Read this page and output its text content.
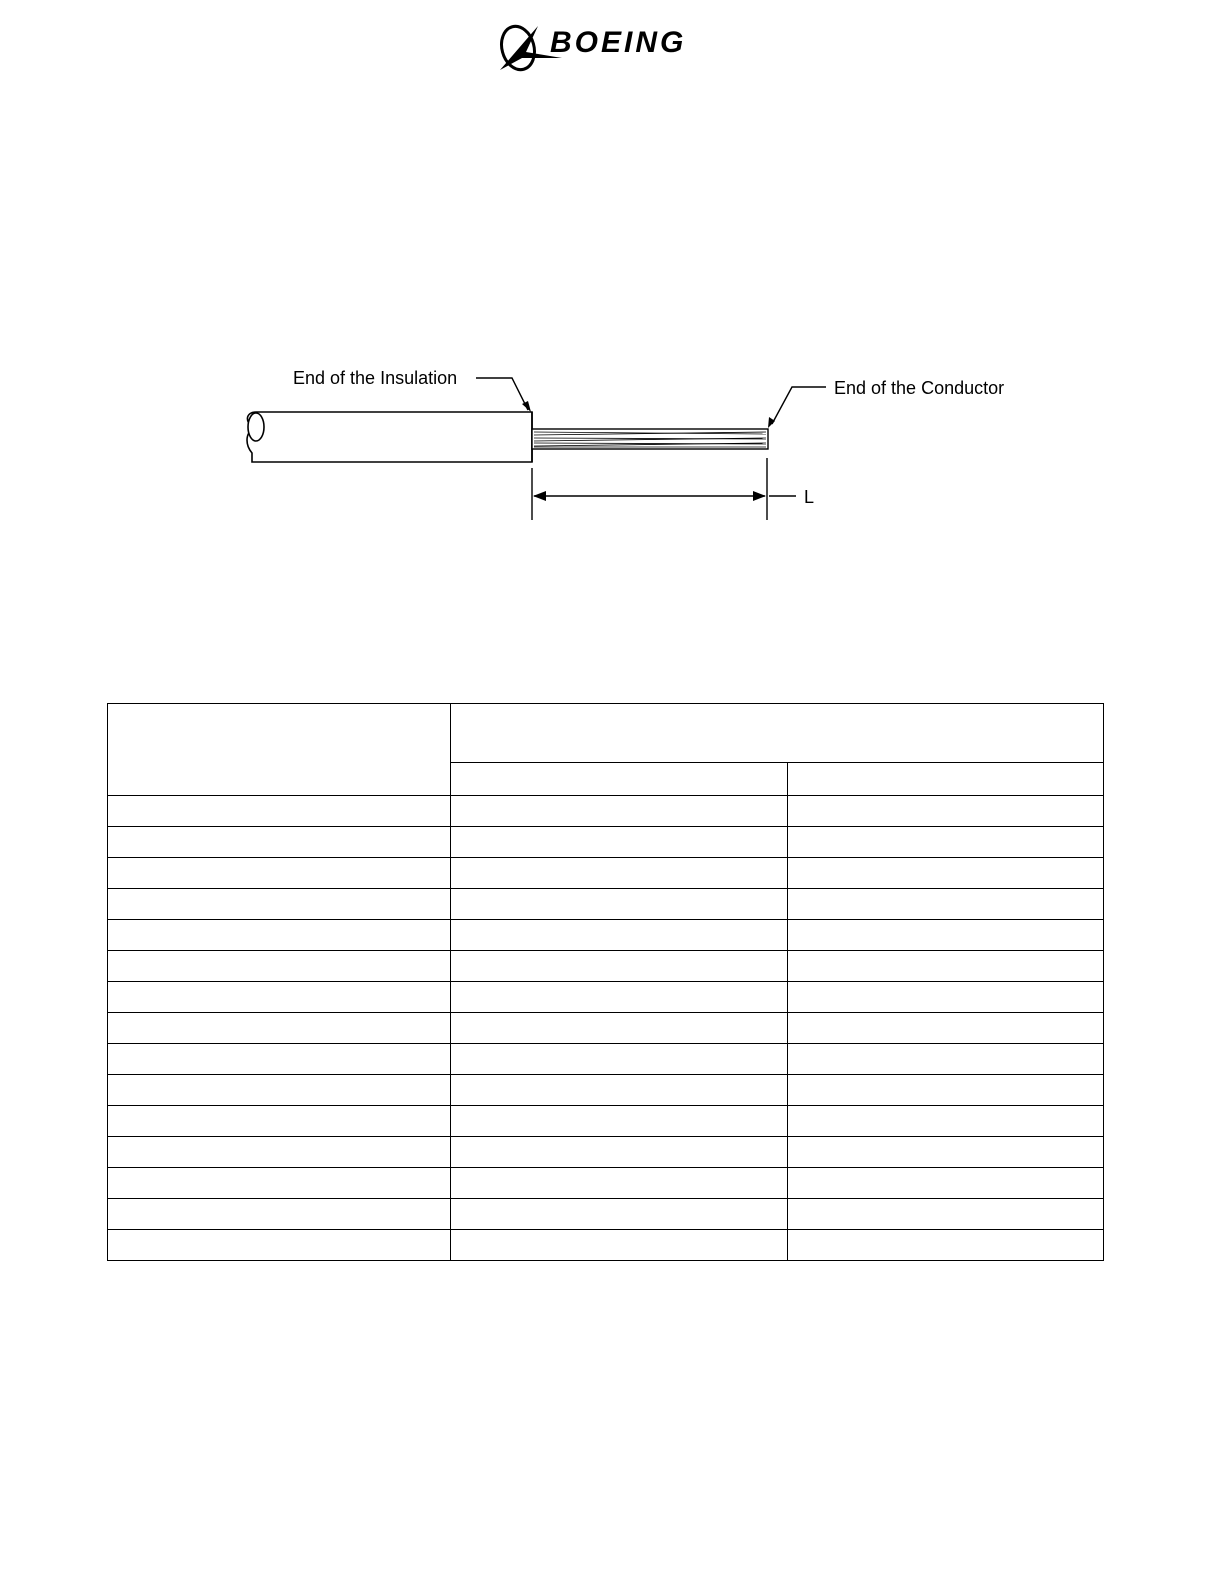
BOEING
End of the Insulation	End of the Conductor
L
